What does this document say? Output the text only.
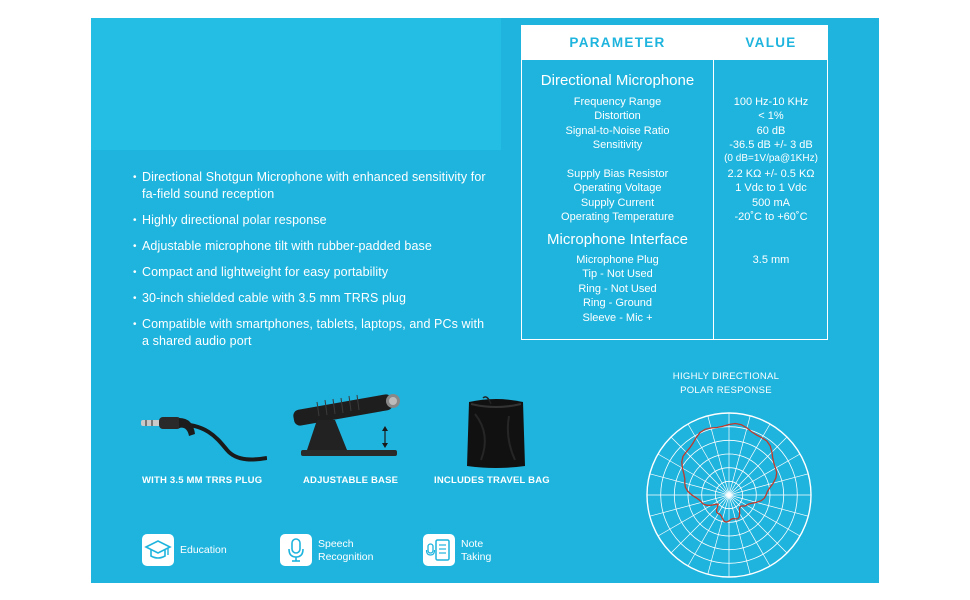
• Directional Shotgun Microphone with enhanced sensitivity for fa-field sound reception
• Highly directional polar response
• Adjustable microphone tilt with rubber-padded base
• Compact and lightweight for easy portability
• 30-inch shielded cable with 3.5 mm TRRS plug
• Compatible with smartphones, tablets, laptops, and PCs with a shared audio port
PARAMETER	VALUE
Directional Microphone
Frequency Range	100 Hz-10 KHz
Distortion	< 1%
Signal-to-Noise Ratio	60 dB
Sensitivity	-36.5 dB +/- 3 dB
(0 dB=1V/pa@1KHz)
Supply Bias Resistor	2.2 KΩ +/- 0.5 KΩ
Operating Voltage	1 Vdc to 1 Vdc
Supply Current	500 mA
Operating Temperature	-20˚C to +60˚C
Microphone Interface
Microphone Plug	3.5 mm
Tip - Not Used
Ring - Not Used
Ring - Ground
Sleeve - Mic +
WITH 3.5 MM TRRS PLUG	ADJUSTABLE BASE	INCLUDES TRAVEL BAG
Education	Speech
Recognition
Note
Taking
HIGHLY DIRECTIONAL
POLAR RESPONSE
